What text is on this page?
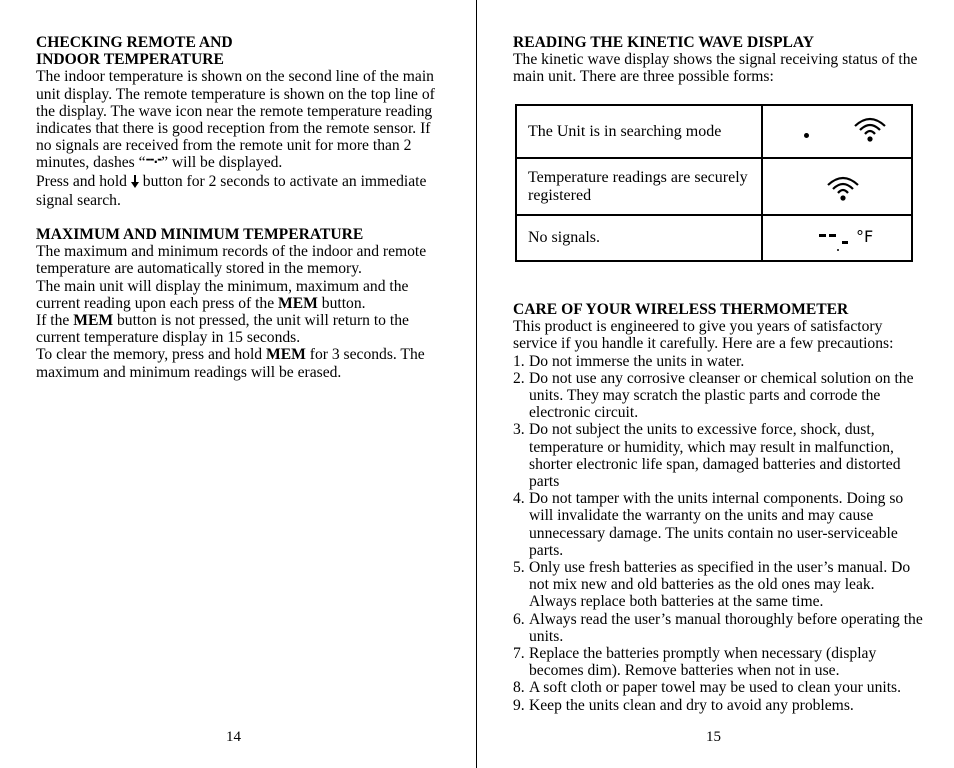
CHECKING REMOTE AND
INDOOR TEMPERATURE

The indoor temperature is shown on the second line of the main unit display. The remote temperature is shown on the top line of the display. The wave icon near the remote temperature reading indicates that there is good reception from the remote sensor. If no signals are received from the remote unit for more than 2 minutes, dashes “--.-” will be displayed.

Press and hold button for 2 seconds to activate an immediate signal search.

MAXIMUM AND MINIMUM TEMPERATURE

The maximum and minimum records of the indoor and remote temperature are automatically stored in the memory.

The main unit will display the minimum, maximum and the current reading upon each press of the MEM button.

If the MEM button is not pressed, the unit will return to the current temperature display in 15 seconds.

To clear the memory, press and hold MEM for 3 seconds. The maximum and minimum readings will be erased.

14
READING THE KINETIC WAVE DISPLAY

The kinetic wave display shows the signal receiving status of the main unit. There are three possible forms:

The Unit is in searching mode
Temperature readings are securely registered
No signals.	°F
CARE OF YOUR WIRELESS THERMOMETER

This product is engineered to give you years of satisfactory service if you handle it carefully. Here are a few precautions:

1. Do not immerse the units in water.
2. Do not use any corrosive cleanser or chemical solution on the units. They may scratch the plastic parts and corrode the electronic circuit.
3. Do not subject the units to excessive force, shock, dust, temperature or humidity, which may result in malfunction, shorter electronic life span, damaged batteries and distorted parts
4. Do not tamper with the units internal components. Doing so will invalidate the warranty on the units and may cause unnecessary damage. The units contain no user-serviceable parts.
5. Only use fresh batteries as specified in the user’s manual. Do not mix new and old batteries as the old ones may leak. Always replace both batteries at the same time.
6. Always read the user’s manual thoroughly before operating the units.
7. Replace the batteries promptly when necessary (display becomes dim). Remove batteries when not in use.
8. A soft cloth or paper towel may be used to clean your units.
9. Keep the units clean and dry to avoid any problems.
15
